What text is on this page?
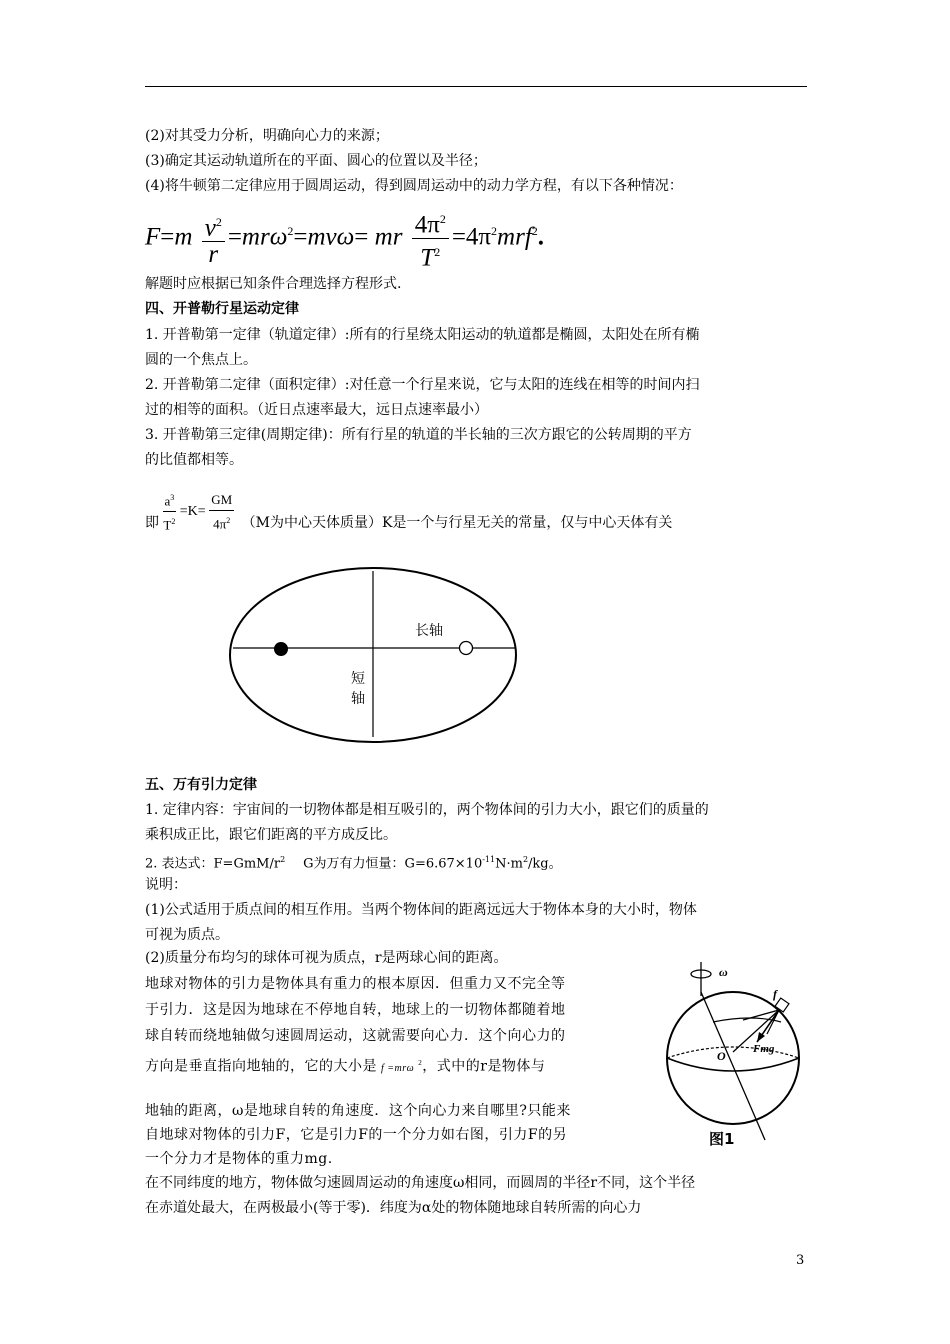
(2)对其受力分析，明确向心力的来源；
(3)确定其运动轨道所在的平面、圆心的位置以及半径；
(4)将牛顿第二定律应用于圆周运动，得到圆周运动中的动力学方程，有以下各种情况：
$F=m \frac{v^2}{r} =mr\omega^2=mv\omega=$ mr $\frac{4\pi^2}{T^2} =4\pi^2mrf^2$.
解题时应根据已知条件合理选择方程形式.
四、开普勒行星运动定律
1. 开普勒第一定律（轨道定律）:所有的行星绕太阳运动的轨道都是椭圆，太阳处在所有椭
圆的一个焦点上。
2. 开普勒第二定律（面积定律）:对任意一个行星来说，它与太阳的连线在相等的时间内扫
过的相等的面积。（近日点速率最大，远日点速率最小）
3. 开普勒第三定律(周期定律)：所有行星的轨道的半长轴的三次方跟它的公转周期的平方
的比值都相等。
即 $\frac{a^3}{T^2} =K= \frac{GM}{4\pi^2} (M$为中心天体质量）K是一个与行星无关的常量，仅与中心天体有关
长轴
短
轴
五、万有引力定律
1. 定律内容：宇宙间的一切物体都是相互吸引的，两个物体间的引力大小，跟它们的质量的
乘积成正比，跟它们距离的平方成反比。
2. 表达式：$F=GmM/r^2$ G为万有力恒量：$G=6.67\times 10^{-11}N\cdot m^2/kg$。
说明：
(1)公式适用于质点间的相互作用。当两个物体间的距离远远大于物体本身的大小时，物体
可视为质点。
(2)质量分布均匀的球体可视为质点，r是两球心间的距离。
地球对物体的引力是物体具有重力的根本原因．但重力又不完全等
于引力．这是因为地球在不停地自转，地球上的一切物体都随着地
球自转而绕地轴做匀速圆周运动，这就需要向心力．这个向心力的
方向是垂直指向地轴的，它的大小是 f =mrω $^2$，式中的r是物体与
地轴的距离，ω是地球自转的角速度．这个向心力来自哪里?只能来
自地球对物体的引力F，它是引力F的一个分力如右图，引力F的另
一个分力才是物体的重力mg.
ω
f
O Fmg
图1
在不同纬度的地方，物体做匀速圆周运动的角速度ω相同，而圆周的半径r不同，这个半径
在赤道处最大，在两极最小(等于零)．纬度为α处的物体随地球自转所需的向心力
3
